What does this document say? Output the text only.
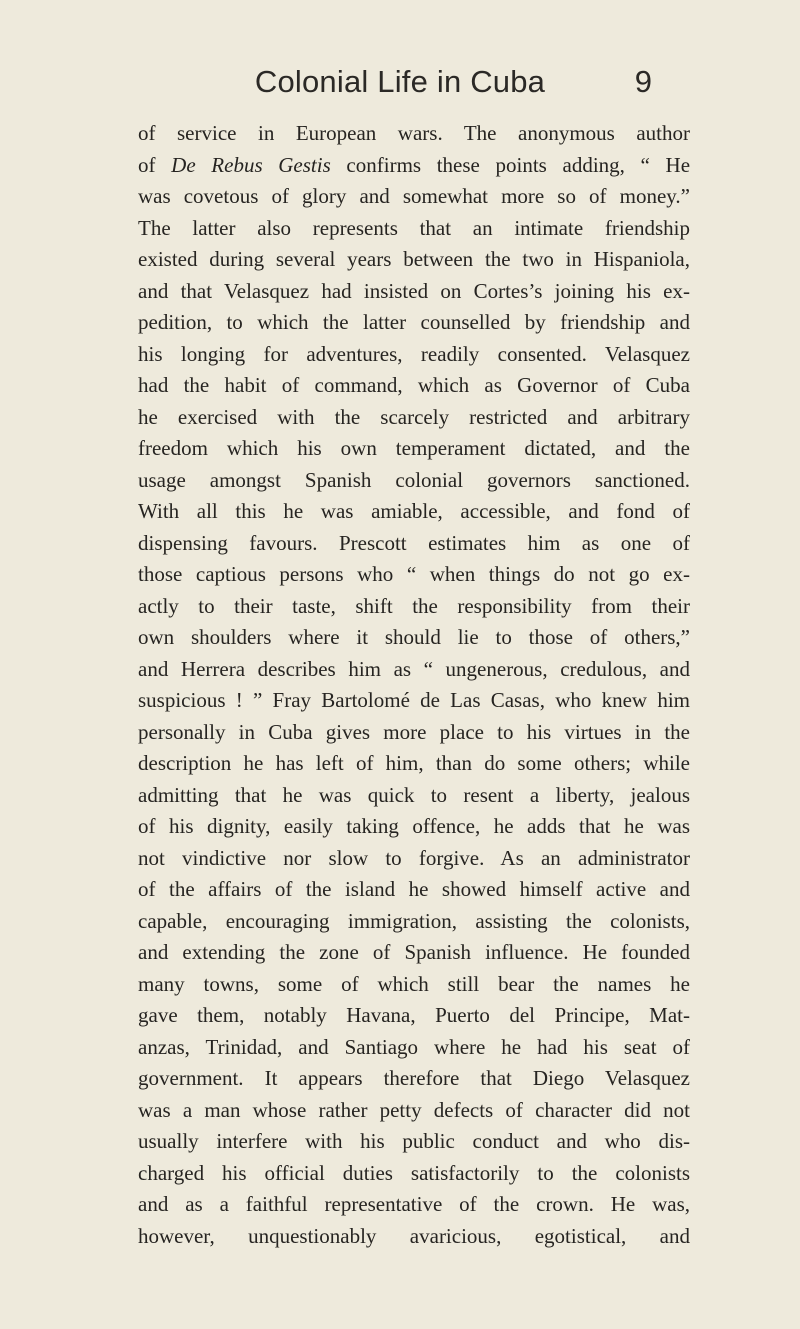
Colonial Life in Cuba	9
of service in European wars. The anonymous author
of De Rebus Gestis confirms these points adding, “ He
was covetous of glory and somewhat more so of money.”
The latter also represents that an intimate friendship
existed during several years between the two in Hispaniola,
and that Velasquez had insisted on Cortes’s joining his ex-
pedition, to which the latter counselled by friendship and
his longing for adventures, readily consented. Velasquez
had the habit of command, which as Governor of Cuba
he exercised with the scarcely restricted and arbitrary
freedom which his own temperament dictated, and the
usage amongst Spanish colonial governors sanctioned.
With all this he was amiable, accessible, and fond of
dispensing favours. Prescott estimates him as one of
those captious persons who “ when things do not go ex-
actly to their taste, shift the responsibility from their
own shoulders where it should lie to those of others,”
and Herrera describes him as “ ungenerous, credulous, and
suspicious ! ” Fray Bartolomé de Las Casas, who knew him
personally in Cuba gives more place to his virtues in the
description he has left of him, than do some others; while
admitting that he was quick to resent a liberty, jealous
of his dignity, easily taking offence, he adds that he was
not vindictive nor slow to forgive. As an administrator
of the affairs of the island he showed himself active and
capable, encouraging immigration, assisting the colonists,
and extending the zone of Spanish influence. He founded
many towns, some of which still bear the names he
gave them, notably Havana, Puerto del Principe, Mat-
anzas, Trinidad, and Santiago where he had his seat of
government. It appears therefore that Diego Velasquez
was a man whose rather petty defects of character did not
usually interfere with his public conduct and who dis-
charged his official duties satisfactorily to the colonists
and as a faithful representative of the crown. He was,
however, unquestionably avaricious, egotistical, and
